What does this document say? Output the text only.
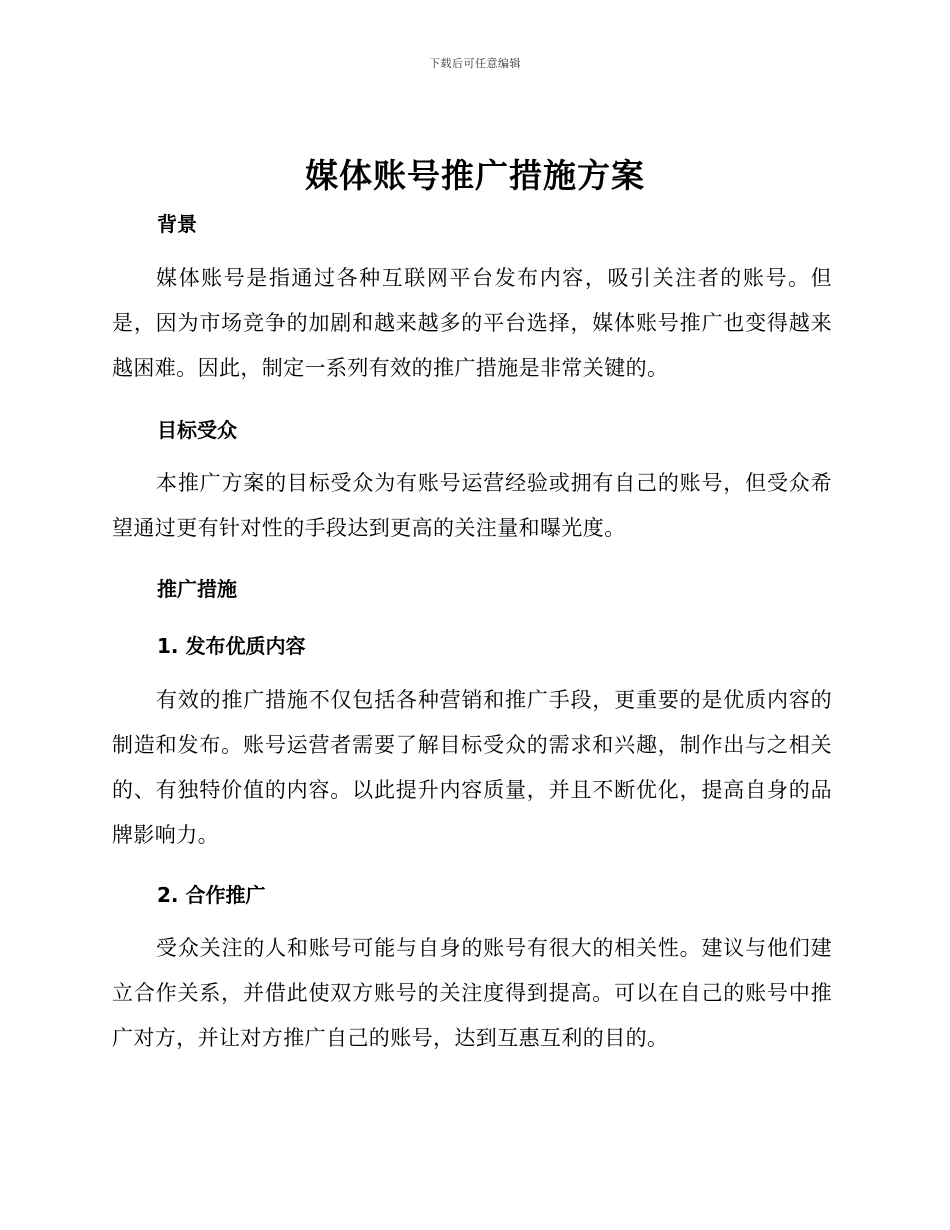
下载后可任意编辑
媒体账号推广措施方案
背景
媒体账号是指通过各种互联网平台发布内容，吸引关注者的账号。但是，因为市场竞争的加剧和越来越多的平台选择，媒体账号推广也变得越来越困难。因此，制定一系列有效的推广措施是非常关键的。
目标受众
本推广方案的目标受众为有账号运营经验或拥有自己的账号，但受众希望通过更有针对性的手段达到更高的关注量和曝光度。
推广措施
1. 发布优质内容
有效的推广措施不仅包括各种营销和推广手段，更重要的是优质内容的制造和发布。账号运营者需要了解目标受众的需求和兴趣，制作出与之相关的、有独特价值的内容。以此提升内容质量，并且不断优化，提高自身的品牌影响力。
2. 合作推广
受众关注的人和账号可能与自身的账号有很大的相关性。建议与他们建立合作关系，并借此使双方账号的关注度得到提高。可以在自己的账号中推广对方，并让对方推广自己的账号，达到互惠互利的目的。
